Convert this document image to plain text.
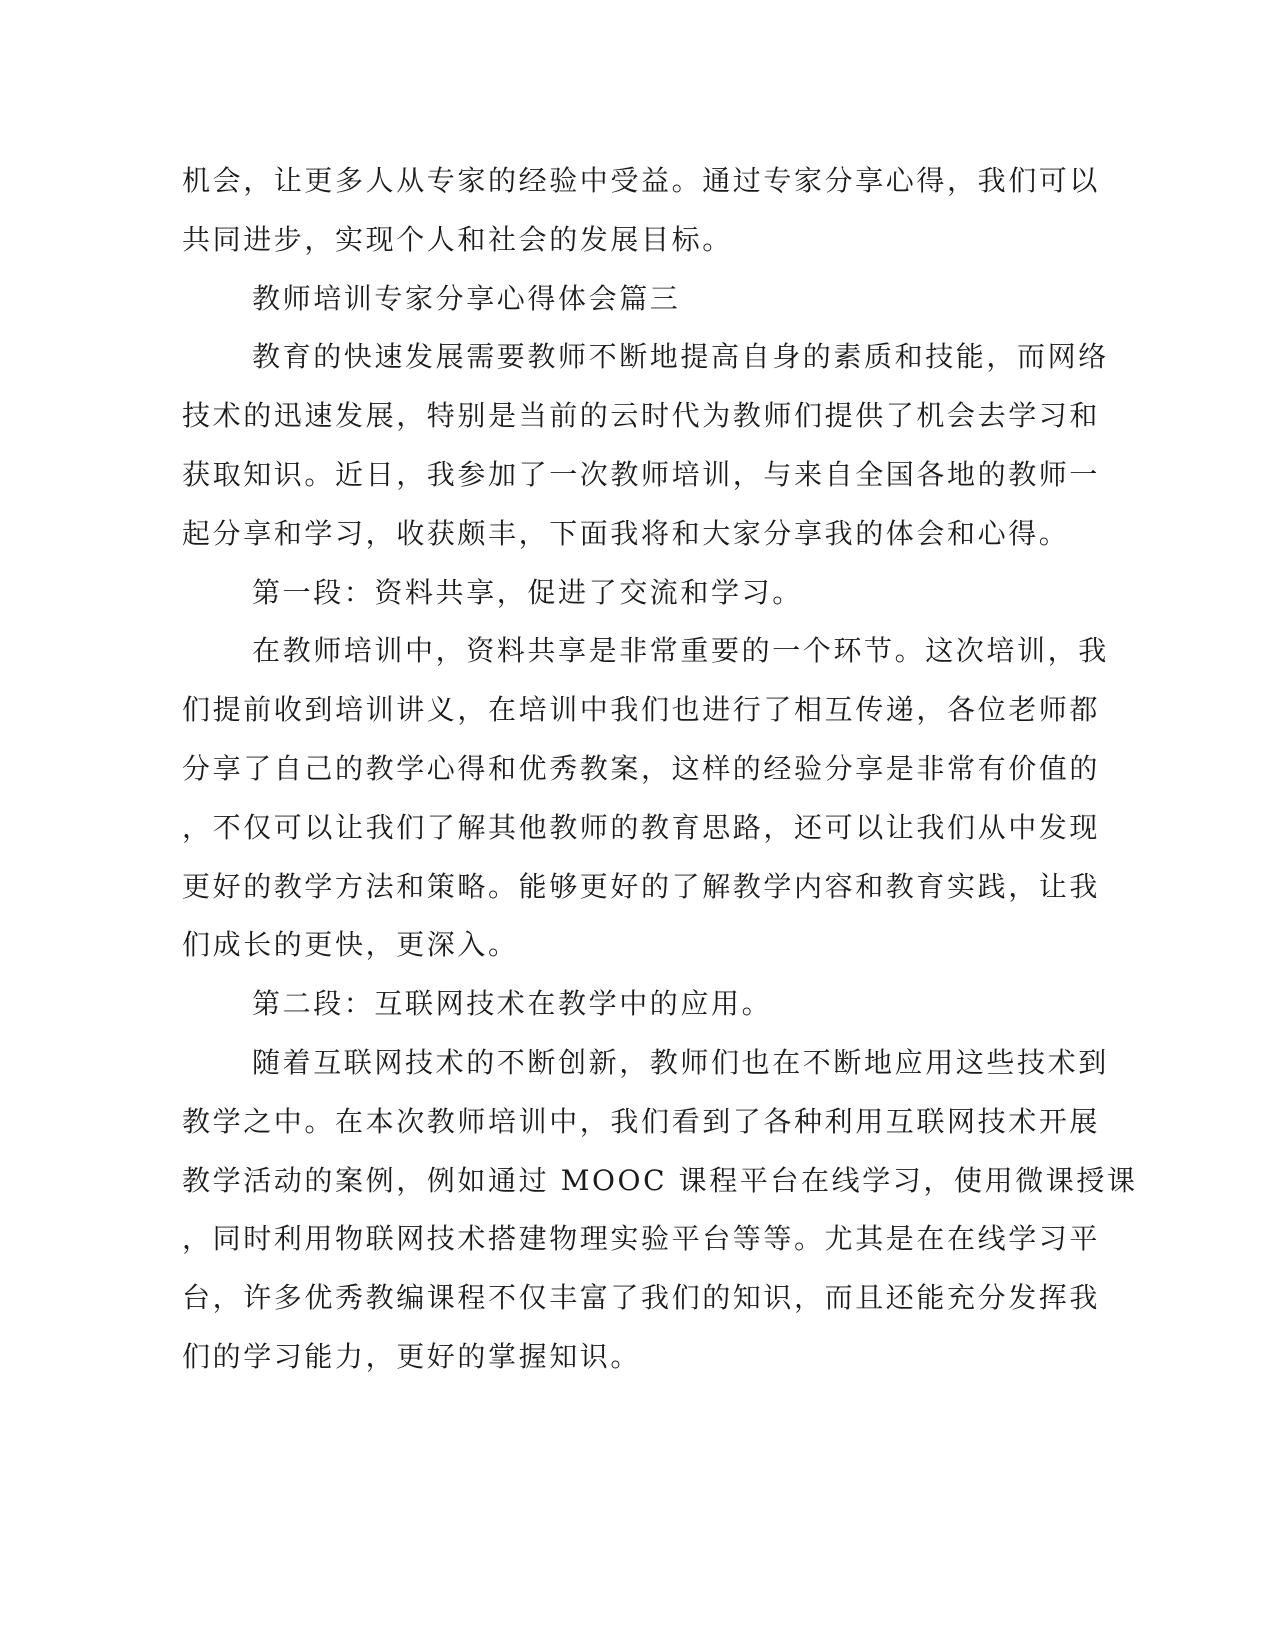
机会，让更多人从专家的经验中受益。通过专家分享心得，我们可以
共同进步，实现个人和社会的发展目标。
教师培训专家分享心得体会篇三
教育的快速发展需要教师不断地提高自身的素质和技能，而网络
技术的迅速发展，特别是当前的云时代为教师们提供了机会去学习和
获取知识。近日，我参加了一次教师培训，与来自全国各地的教师一
起分享和学习，收获颇丰，下面我将和大家分享我的体会和心得。
第一段：资料共享，促进了交流和学习。
在教师培训中，资料共享是非常重要的一个环节。这次培训，我
们提前收到培训讲义，在培训中我们也进行了相互传递，各位老师都
分享了自己的教学心得和优秀教案，这样的经验分享是非常有价值的
，不仅可以让我们了解其他教师的教育思路，还可以让我们从中发现
更好的教学方法和策略。能够更好的了解教学内容和教育实践，让我
们成长的更快，更深入。
第二段：互联网技术在教学中的应用。
随着互联网技术的不断创新，教师们也在不断地应用这些技术到
教学之中。在本次教师培训中，我们看到了各种利用互联网技术开展
教学活动的案例，例如通过 MOOC 课程平台在线学习，使用微课授课
，同时利用物联网技术搭建物理实验平台等等。尤其是在在线学习平
台，许多优秀教编课程不仅丰富了我们的知识，而且还能充分发挥我
们的学习能力，更好的掌握知识。
